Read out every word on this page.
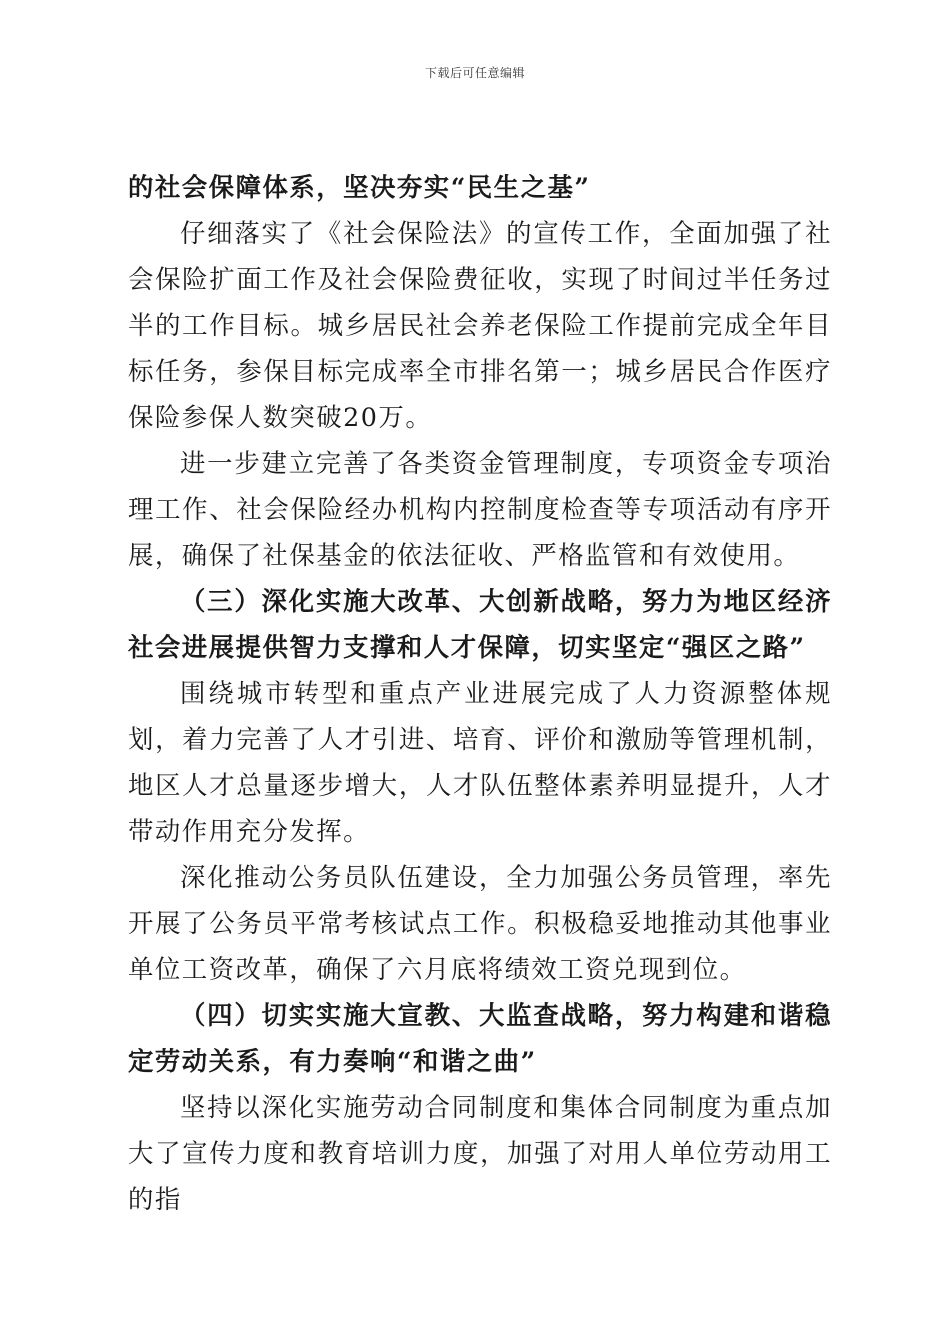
下载后可任意编辑

的社会保障体系，坚决夯实“民生之基”

仔细落实了《社会保险法》的宣传工作，全面加强了社会保险扩面工作及社会保险费征收，实现了时间过半任务过半的工作目标。城乡居民社会养老保险工作提前完成全年目标任务，参保目标完成率全市排名第一；城乡居民合作医疗保险参保人数突破20万。

进一步建立完善了各类资金管理制度，专项资金专项治理工作、社会保险经办机构内控制度检查等专项活动有序开展，确保了社保基金的依法征收、严格监管和有效使用。

（三）深化实施大改革、大创新战略，努力为地区经济社会进展提供智力支撑和人才保障，切实坚定“强区之路”

围绕城市转型和重点产业进展完成了人力资源整体规划，着力完善了人才引进、培育、评价和激励等管理机制，地区人才总量逐步增大，人才队伍整体素养明显提升，人才带动作用充分发挥。

深化推动公务员队伍建设，全力加强公务员管理，率先开展了公务员平常考核试点工作。积极稳妥地推动其他事业单位工资改革，确保了六月底将绩效工资兑现到位。

（四）切实实施大宣教、大监查战略，努力构建和谐稳定劳动关系，有力奏响“和谐之曲”

坚持以深化实施劳动合同制度和集体合同制度为重点加大了宣传力度和教育培训力度，加强了对用人单位劳动用工的指
